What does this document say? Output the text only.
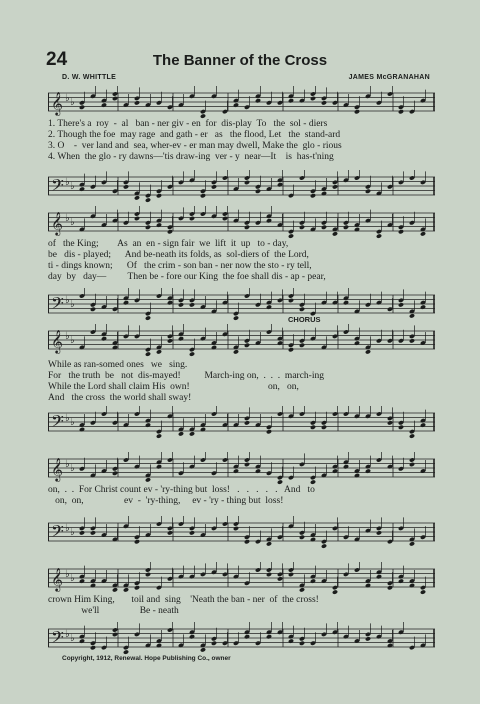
24	The Banner of the Cross
D. W. WHITTLE	JAMES McGRANAHAN
𝄞 ♭ ♭
1. There's a  roy  -  al   ban - ner giv - en  for  dis-play  To   the  sol - diers
2. Though the foe  may rage  and gath - er   as   the flood, Let   the  stand-ard
3. O    -  ver land and  sea, wher-ev - er man may dwell, Make the  glo - rious
4. When  the glo - ry dawns—'tis draw-ing  ver - y  near—It    is  has-t'ning
𝄢 ♭ ♭
𝄞 ♭ ♭
of   the King;        As  an  en - sign fair  we  lift  it  up   to - day,
be   dis - played;      And be-neath its folds, as  sol-diers of  the Lord,
ti - dings known;      Of   the crim - son ban - ner now the sto - ry tell,
day  by   day—         Then be - fore our King  the foe shall dis - ap - pear,
𝄢 ♭ ♭
CHORUS
𝄞 ♭ ♭
While as ran-somed ones   we   sing.
For   the truth  be   not  dis-mayed!          March-ing on,  .  .  .  march-ing
While the Lord shall claim His  own!                                 on,   on,
And   the cross  the world shall sway!
𝄢 ♭ ♭
𝄞 ♭ ♭
on,  .  .  For Christ count ev - 'ry-thing but  loss!   .   .   .   .   .   And   to
on,  on,                 ev  -  'ry-thing,     ev - 'ry - thing but  loss!
𝄢 ♭ ♭
𝄞 ♭ ♭
crown Him King,       toil and  sing    'Neath the ban - ner  of  the cross!
we'll                 Be - neath
𝄢 ♭ ♭
Copyright, 1912, Renewal. Hope Publishing Co., owner
